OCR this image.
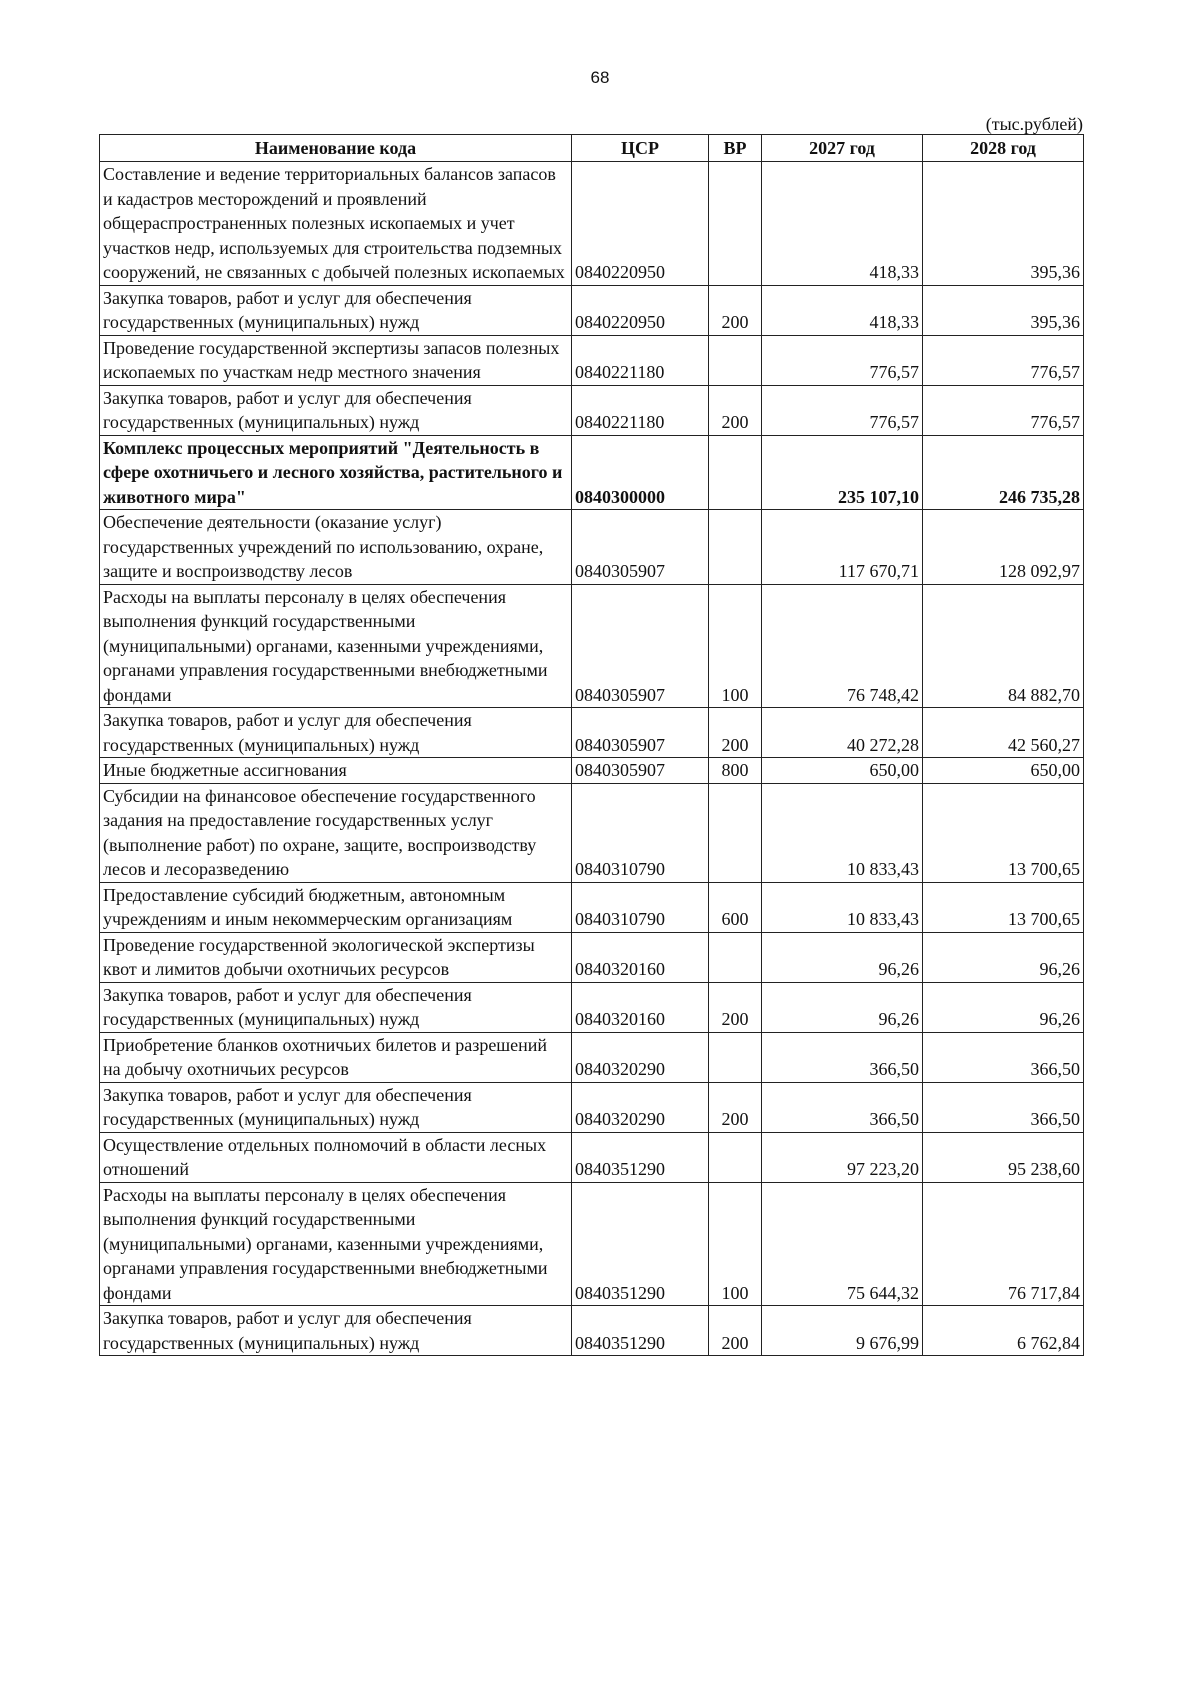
68
(тыс.рублей)
Наименование кода	ЦСР	ВР	2027 год	2028 год
Составление и ведение территориальных балансов запасов и кадастров месторождений и проявлений общераспространенных полезных ископаемых и учет участков недр, используемых для строительства подземных сооружений, не связанных с добычей полезных ископаемых	0840220950		418,33	395,36
Закупка товаров, работ и услуг для обеспечения государственных (муниципальных) нужд	0840220950	200	418,33	395,36
Проведение государственной экспертизы запасов полезных ископаемых по участкам недр местного значения	0840221180		776,57	776,57
Закупка товаров, работ и услуг для обеспечения государственных (муниципальных) нужд	0840221180	200	776,57	776,57
Комплекс процессных мероприятий "Деятельность в сфере охотничьего и лесного хозяйства, растительного и животного мира"	0840300000		235 107,10	246 735,28
Обеспечение деятельности (оказание услуг) государственных учреждений по использованию, охране, защите и воспроизводству лесов	0840305907		117 670,71	128 092,97
Расходы на выплаты персоналу в целях обеспечения выполнения функций государственными (муниципальными) органами, казенными учреждениями, органами управления государственными внебюджетными фондами	0840305907	100	76 748,42	84 882,70
Закупка товаров, работ и услуг для обеспечения государственных (муниципальных) нужд	0840305907	200	40 272,28	42 560,27
Иные бюджетные ассигнования	0840305907	800	650,00	650,00
Субсидии на финансовое обеспечение государственного задания на предоставление государственных услуг (выполнение работ) по охране, защите, воспроизводству лесов и лесоразведению	0840310790		10 833,43	13 700,65
Предоставление субсидий бюджетным, автономным учреждениям и иным некоммерческим организациям	0840310790	600	10 833,43	13 700,65
Проведение государственной экологической экспертизы квот и лимитов добычи охотничьих ресурсов	0840320160		96,26	96,26
Закупка товаров, работ и услуг для обеспечения государственных (муниципальных) нужд	0840320160	200	96,26	96,26
Приобретение бланков охотничьих билетов и разрешений на добычу охотничьих ресурсов	0840320290		366,50	366,50
Закупка товаров, работ и услуг для обеспечения государственных (муниципальных) нужд	0840320290	200	366,50	366,50
Осуществление отдельных полномочий в области лесных отношений	0840351290		97 223,20	95 238,60
Расходы на выплаты персоналу в целях обеспечения выполнения функций государственными (муниципальными) органами, казенными учреждениями, органами управления государственными внебюджетными фондами	0840351290	100	75 644,32	76 717,84
Закупка товаров, работ и услуг для обеспечения государственных (муниципальных) нужд	0840351290	200	9 676,99	6 762,84
